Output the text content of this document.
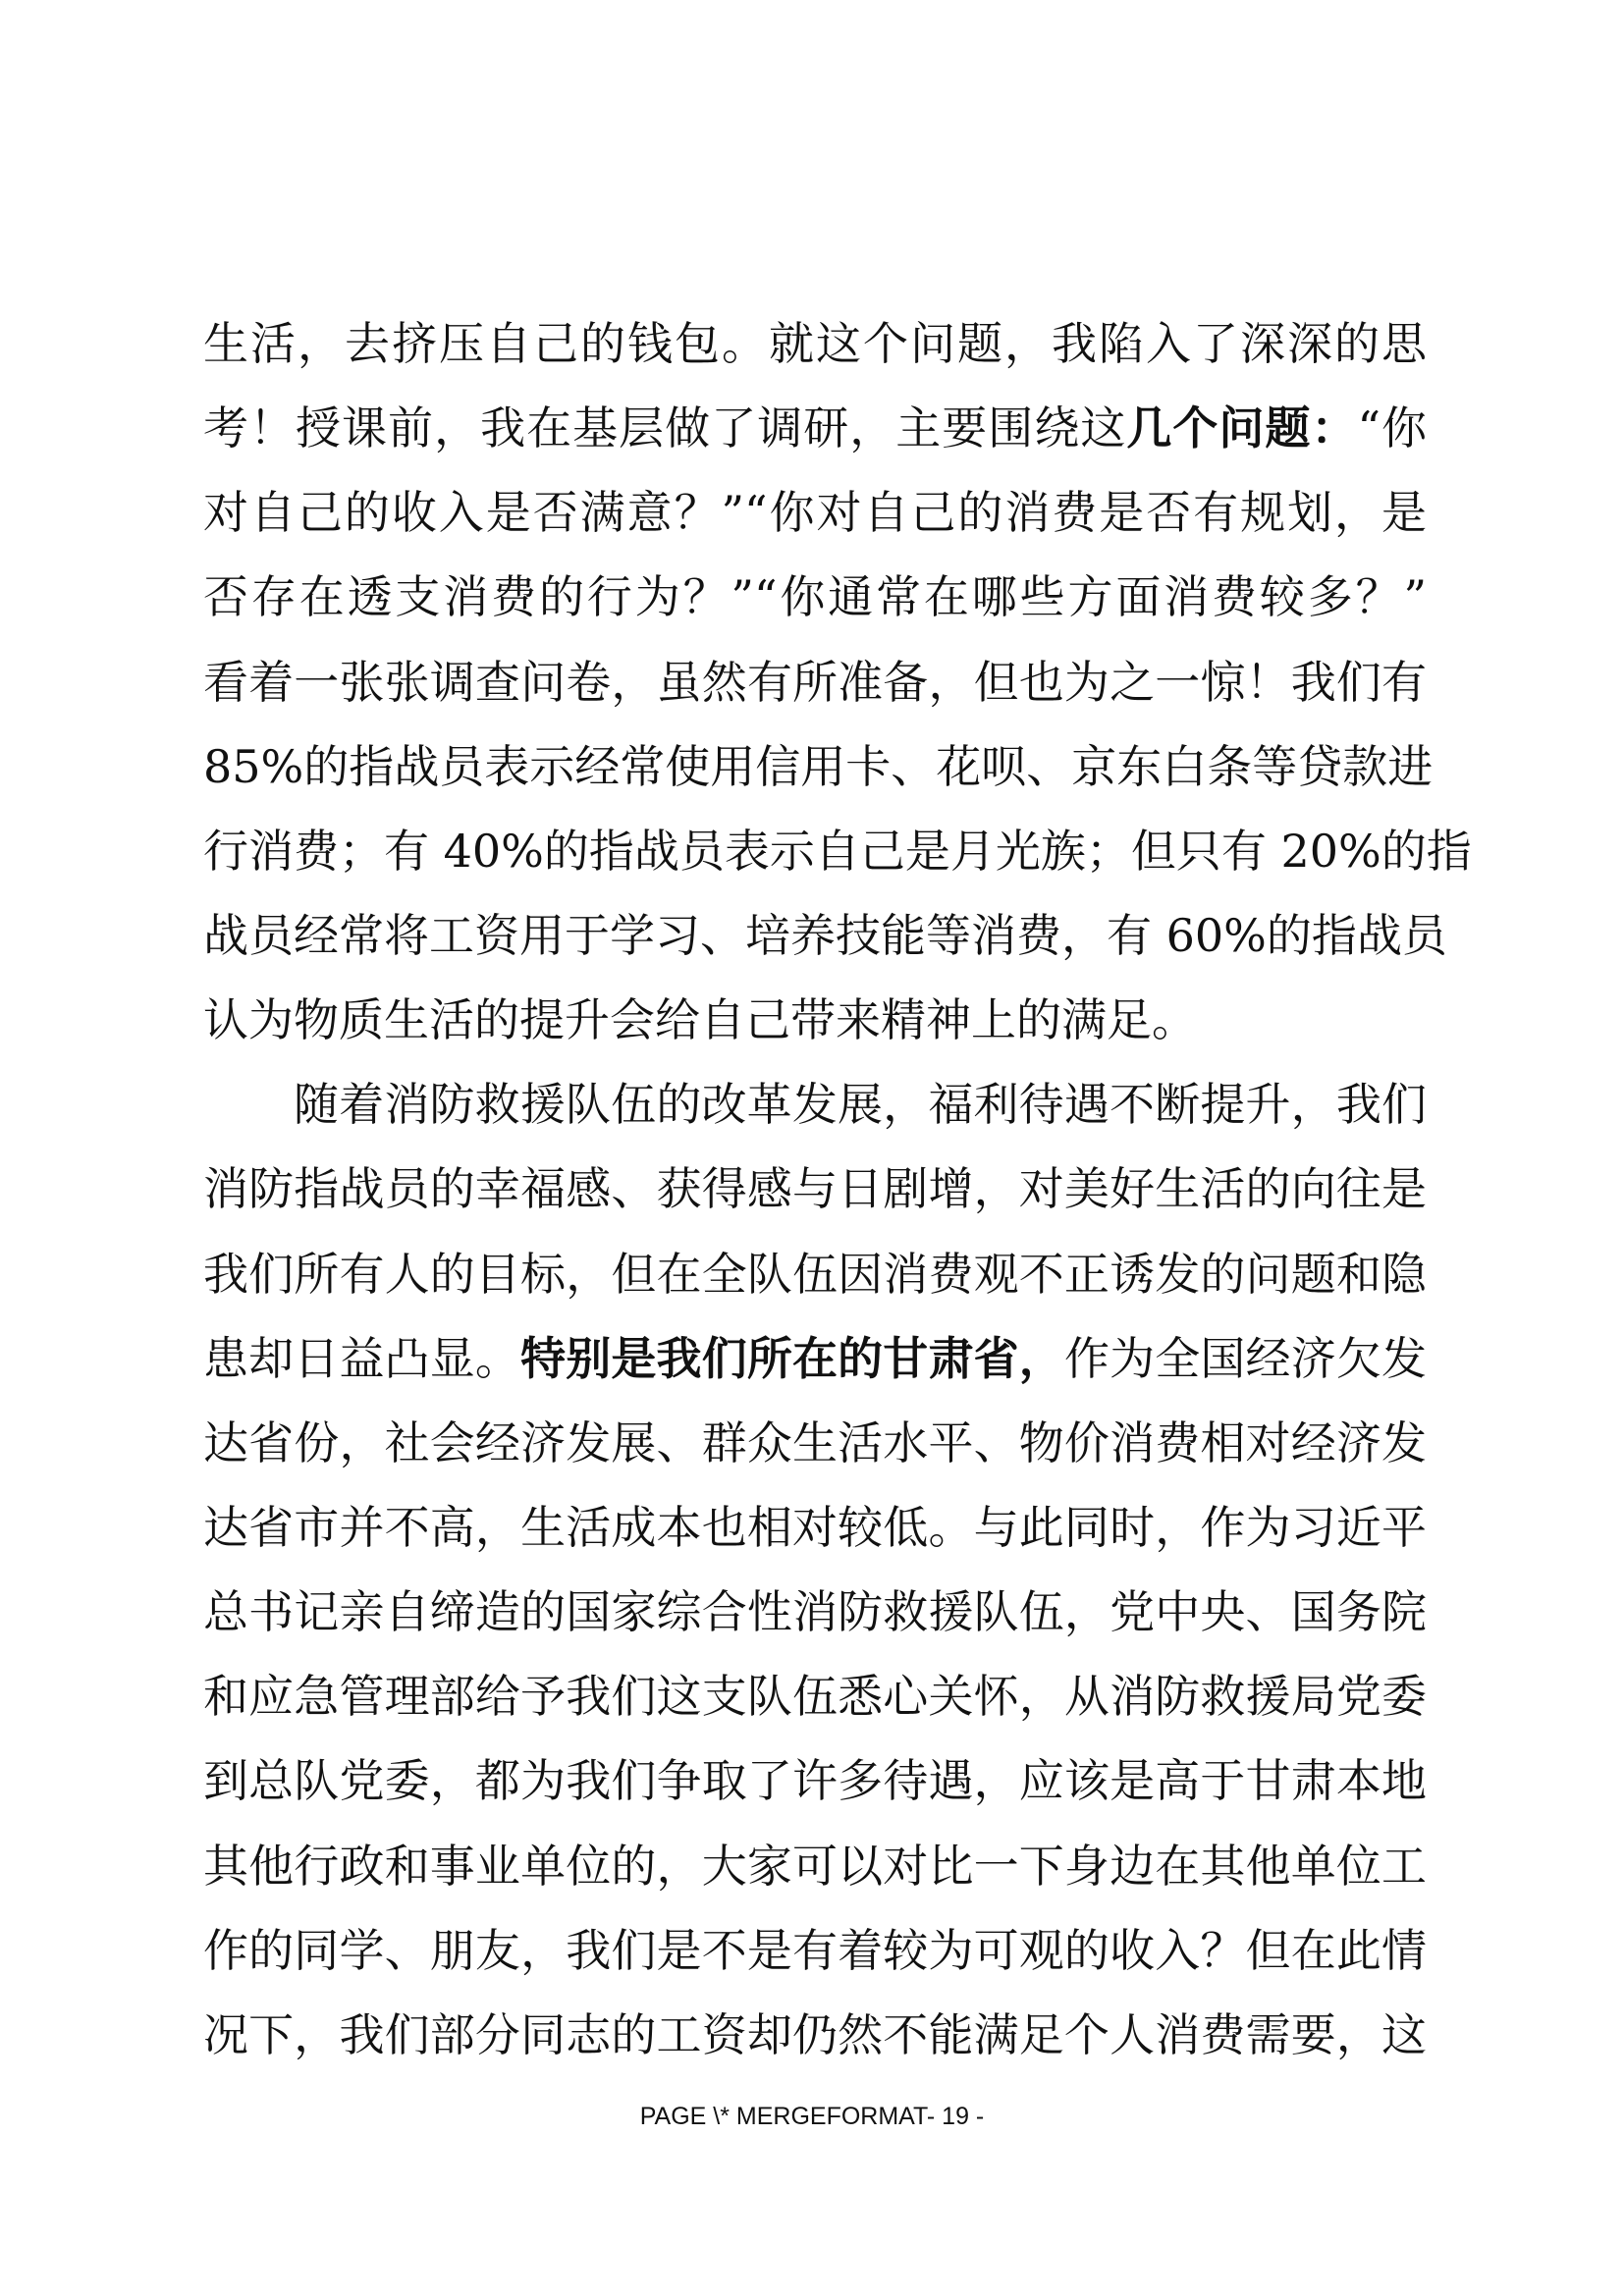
生活，去挤压自己的钱包。就这个问题，我陷入了深深的思
考！授课前，我在基层做了调研，主要围绕这几个问题：“你
对自己的收入是否满意？”“你对自己的消费是否有规划，是
否存在透支消费的行为？”“你通常在哪些方面消费较多？”
看着一张张调查问卷，虽然有所准备，但也为之一惊！我们有
85%的指战员表示经常使用信用卡、花呗、京东白条等贷款进
行消费；有 40%的指战员表示自己是月光族；但只有 20%的指
战员经常将工资用于学习、培养技能等消费，有 60%的指战员
认为物质生活的提升会给自己带来精神上的满足。
随着消防救援队伍的改革发展，福利待遇不断提升，我们
消防指战员的幸福感、获得感与日剧增，对美好生活的向往是
我们所有人的目标，但在全队伍因消费观不正诱发的问题和隐
患却日益凸显。特别是我们所在的甘肃省，作为全国经济欠发
达省份，社会经济发展、群众生活水平、物价消费相对经济发
达省市并不高，生活成本也相对较低。与此同时，作为习近平
总书记亲自缔造的国家综合性消防救援队伍，党中央、国务院
和应急管理部给予我们这支队伍悉心关怀，从消防救援局党委
到总队党委，都为我们争取了许多待遇，应该是高于甘肃本地
其他行政和事业单位的，大家可以对比一下身边在其他单位工
作的同学、朋友，我们是不是有着较为可观的收入？但在此情
况下，我们部分同志的工资却仍然不能满足个人消费需要，这
PAGE \* MERGEFORMAT- 19 -
